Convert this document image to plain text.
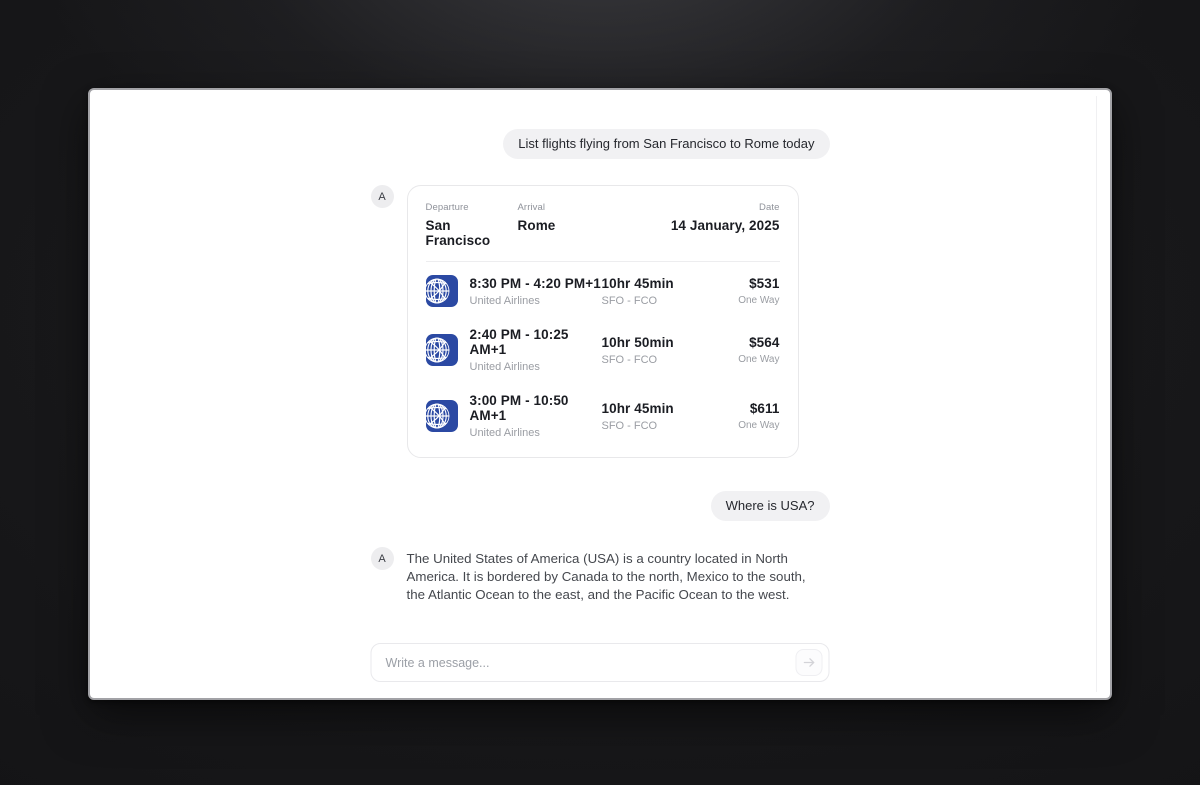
List flights flying from San Francisco to Rome today
A
Departure
San Francisco
Arrival
Rome
Date
14 January, 2025
8:30 PM - 4:20 PM+1
United Airlines
10hr 45min
SFO - FCO
$531
One Way
2:40 PM - 10:25 AM+1
United Airlines
10hr 50min
SFO - FCO
$564
One Way
3:00 PM - 10:50 AM+1
United Airlines
10hr 45min
SFO - FCO
$611
One Way
Where is USA?
A	The United States of America (USA) is a country located in North America. It is bordered by Canada to the north, Mexico to the south, the Atlantic Ocean to the east, and the Pacific Ocean to the west.
Write a message...
